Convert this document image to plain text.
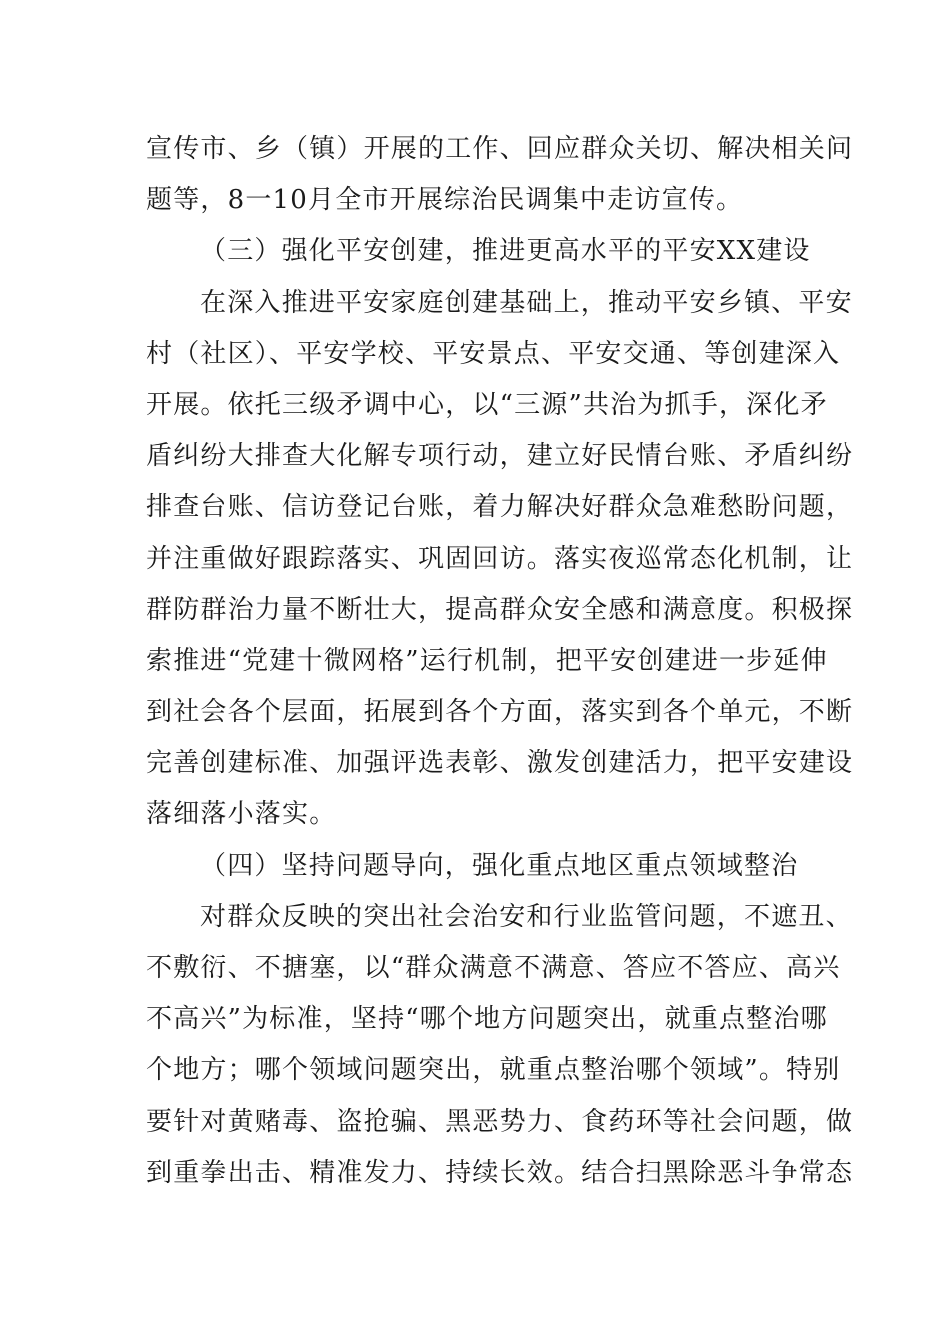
宣传市、乡（镇）开展的工作、回应群众关切、解决相关问
题等，8一10月全市开展综治民调集中走访宣传。
（三）强化平安创建，推进更高水平的平安XX建设
在深入推进平安家庭创建基础上，推动平安乡镇、平安
村（社区）、平安学校、平安景点、平安交通、等创建深入
开展。依托三级矛调中心，以“三源”共治为抓手，深化矛
盾纠纷大排查大化解专项行动，建立好民情台账、矛盾纠纷
排查台账、信访登记台账，着力解决好群众急难愁盼问题，
并注重做好跟踪落实、巩固回访。落实夜巡常态化机制，让
群防群治力量不断壮大，提高群众安全感和满意度。积极探
索推进“党建十微网格”运行机制，把平安创建进一步延伸
到社会各个层面，拓展到各个方面，落实到各个单元，不断
完善创建标准、加强评选表彰、激发创建活力，把平安建设
落细落小落实。
（四）坚持问题导向，强化重点地区重点领域整治
对群众反映的突出社会治安和行业监管问题，不遮丑、
不敷衍、不搪塞，以“群众满意不满意、答应不答应、高兴
不高兴”为标准，坚持“哪个地方问题突出，就重点整治哪
个地方；哪个领域问题突出，就重点整治哪个领域”。特别
要针对黄赌毒、盗抢骗、黑恶势力、食药环等社会问题，做
到重拳出击、精准发力、持续长效。结合扫黑除恶斗争常态
